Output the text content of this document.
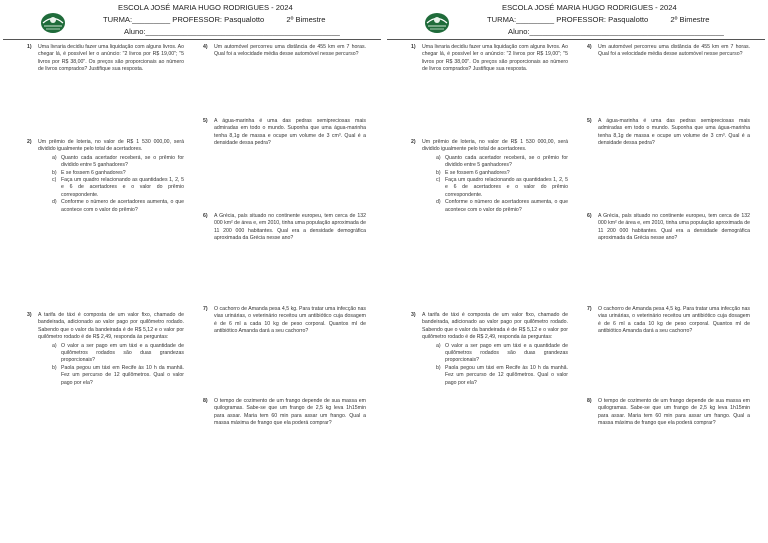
ESCOLA JOSÉ MARIA HUGO RODRIGUES - 2024
TURMA:_________ PROFESSOR: Pasqualotto	2º Bimestre
Aluno:______________________________________________
1) Uma livraria decidiu fazer uma liquidação com alguns livros. Ao chegar lá, é possível ler o anúncio: "2 livros por R$ 19,00"; "5 livros por R$ 38,00". Os preços são proporcionais ao número de livros comprados? Justifique sua resposta.
2) Um prêmio de loteria, no valor de R$ 1 530 000,00, será dividido igualmente pelo total de acertadores.
a) Quanto cada acertador receberá, se o prêmio for dividido entre 5 ganhadores?
b) E se fossem 6 ganhadores?
c) Faça um quadro relacionando as quantidades 1, 2, 5 e 6 de acertadores e o valor do prêmio correspondente.
d) Conforme o número de acertadores aumenta, o que acontece com o valor do prêmio?
3) A tarifa de táxi é composta de um valor fixo, chamado de bandeirada, adicionado ao valor pago por quilômetro rodado. Sabendo que o valor da bandeirada é de R$ 5,12 e o valor por quilômetro rodado é de R$ 2,49, responda às perguntas:
a) O valor a ser pago em um táxi e a quantidade de quilômetros rodados são duas grandezas proporcionais?
b) Paola pegou um táxi em Recife às 10 h da manhã. Fez um percurso de 12 quilômetros. Qual o valor pago por ela?
4) Um automóvel percorreu uma distância de 455 km em 7 horas. Qual foi a velocidade média desse automóvel nesse percurso?
5) A água-marinha é uma das pedras semipreciosas mais admiradas em todo o mundo. Suponha que uma água-marinha tenha 8,1g de massa e ocupe um volume de 3 cm³. Qual é a densidade dessa pedra?
6) A Grécia, país situado no continente europeu, tem cerca de 132 000 km² de área e, em 2010, tinha uma população aproximada de 11 200 000 habitantes. Qual era a densidade demográfica aproximada da Grécia nesse ano?
7) O cachorro de Amanda pesa 4,5 kg. Para tratar uma infecção nas vias urinárias, o veterinário receitou um antibiótico cuja dosagem é de 6 ml a cada 10 kg de peso corporal. Quantos ml de antibiótico Amanda dará a seu cachorro?
8) O tempo de cozimento de um frango depende de sua massa em quilogramas. Sabe-se que um frango de 2,5 kg leva 1h15min para assar. Maria tem 60 min para assar um frango. Qual a massa máxima de frango que ela poderá comprar?
ESCOLA JOSÉ MARIA HUGO RODRIGUES - 2024
TURMA:_________ PROFESSOR: Pasqualotto	2º Bimestre
Aluno:______________________________________________
1) Uma livraria decidiu fazer uma liquidação com alguns livros. Ao chegar lá, é possível ler o anúncio: "2 livros por R$ 19,00"; "5 livros por R$ 38,00". Os preços são proporcionais ao número de livros comprados? Justifique sua resposta.
2) Um prêmio de loteria, no valor de R$ 1 530 000,00, será dividido igualmente pelo total de acertadores.
a) Quanto cada acertador receberá, se o prêmio for dividido entre 5 ganhadores?
b) E se fossem 6 ganhadores?
c) Faça um quadro relacionando as quantidades 1, 2, 5 e 6 de acertadores e o valor do prêmio correspondente.
d) Conforme o número de acertadores aumenta, o que acontece com o valor do prêmio?
3) A tarifa de táxi é composta de um valor fixo, chamado de bandeirada, adicionado ao valor pago por quilômetro rodado. Sabendo que o valor da bandeirada é de R$ 5,12 e o valor por quilômetro rodado é de R$ 2,49, responda às perguntas:
a) O valor a ser pago em um táxi e a quantidade de quilômetros rodados são duas grandezas proporcionais?
b) Paola pegou um táxi em Recife às 10 h da manhã. Fez um percurso de 12 quilômetros. Qual o valor pago por ela?
4) Um automóvel percorreu uma distância de 455 km em 7 horas. Qual foi a velocidade média desse automóvel nesse percurso?
5) A água-marinha é uma das pedras semipreciosas mais admiradas em todo o mundo. Suponha que uma água-marinha tenha 8,1g de massa e ocupe um volume de 3 cm³. Qual é a densidade dessa pedra?
6) A Grécia, país situado no continente europeu, tem cerca de 132 000 km² de área e, em 2010, tinha uma população aproximada de 11 200 000 habitantes. Qual era a densidade demográfica aproximada da Grécia nesse ano?
7) O cachorro de Amanda pesa 4,5 kg. Para tratar uma infecção nas vias urinárias, o veterinário receitou um antibiótico cuja dosagem é de 6 ml a cada 10 kg de peso corporal. Quantos ml de antibiótico Amanda dará a seu cachorro?
8) O tempo de cozimento de um frango depende de sua massa em quilogramas. Sabe-se que um frango de 2,5 kg leva 1h15min para assar. Maria tem 60 min para assar um frango. Qual a massa máxima de frango que ela poderá comprar?
